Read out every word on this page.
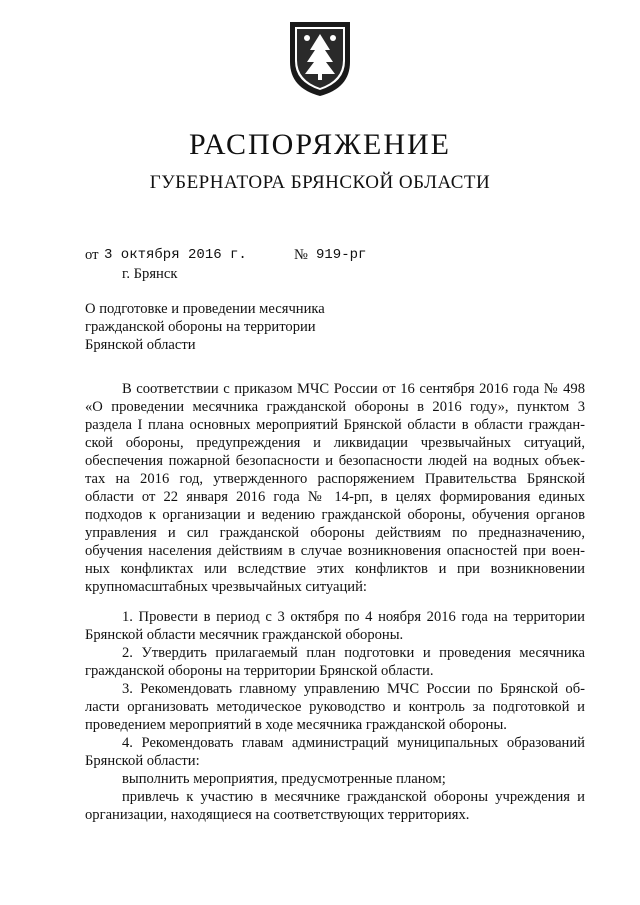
РАСПОРЯЖЕНИЕ
ГУБЕРНАТОРА БРЯНСКОЙ ОБЛАСТИ
от 3 октября 2016 г.	№ 919-рг
г. Брянск
О подготовке и проведении месячника
гражданской обороны на территории
Брянской области
В соответствии с приказом МЧС России от 16 сентября 2016 года № 498
«О проведении месячника гражданской обороны в 2016 году», пунктом 3
раздела I плана основных мероприятий Брянской области в области граждан-
ской обороны, предупреждения и ликвидации чрезвычайных ситуаций,
обеспечения пожарной безопасности и безопасности людей на водных объек-
тах на 2016 год, утвержденного распоряжением Правительства Брянской
области от 22 января 2016 года № 14-рп, в целях формирования единых
подходов к организации и ведению гражданской обороны, обучения органов
управления и сил гражданской обороны действиям по предназначению,
обучения населения действиям в случае возникновения опасностей при воен-
ных конфликтах или вследствие этих конфликтов и при возникновении
крупномасштабных чрезвычайных ситуаций:
1. Провести в период с 3 октября по 4 ноября 2016 года на территории
Брянской области месячник гражданской обороны.
2. Утвердить прилагаемый план подготовки и проведения месячника
гражданской обороны на территории Брянской области.
3. Рекомендовать главному управлению МЧС России по Брянской об-
ласти организовать методическое руководство и контроль за подготовкой и
проведением мероприятий в ходе месячника гражданской обороны.
4. Рекомендовать главам администраций муниципальных образований
Брянской области:
выполнить мероприятия, предусмотренные планом;
привлечь к участию в месячнике гражданской обороны учреждения и
организации, находящиеся на соответствующих территориях.
